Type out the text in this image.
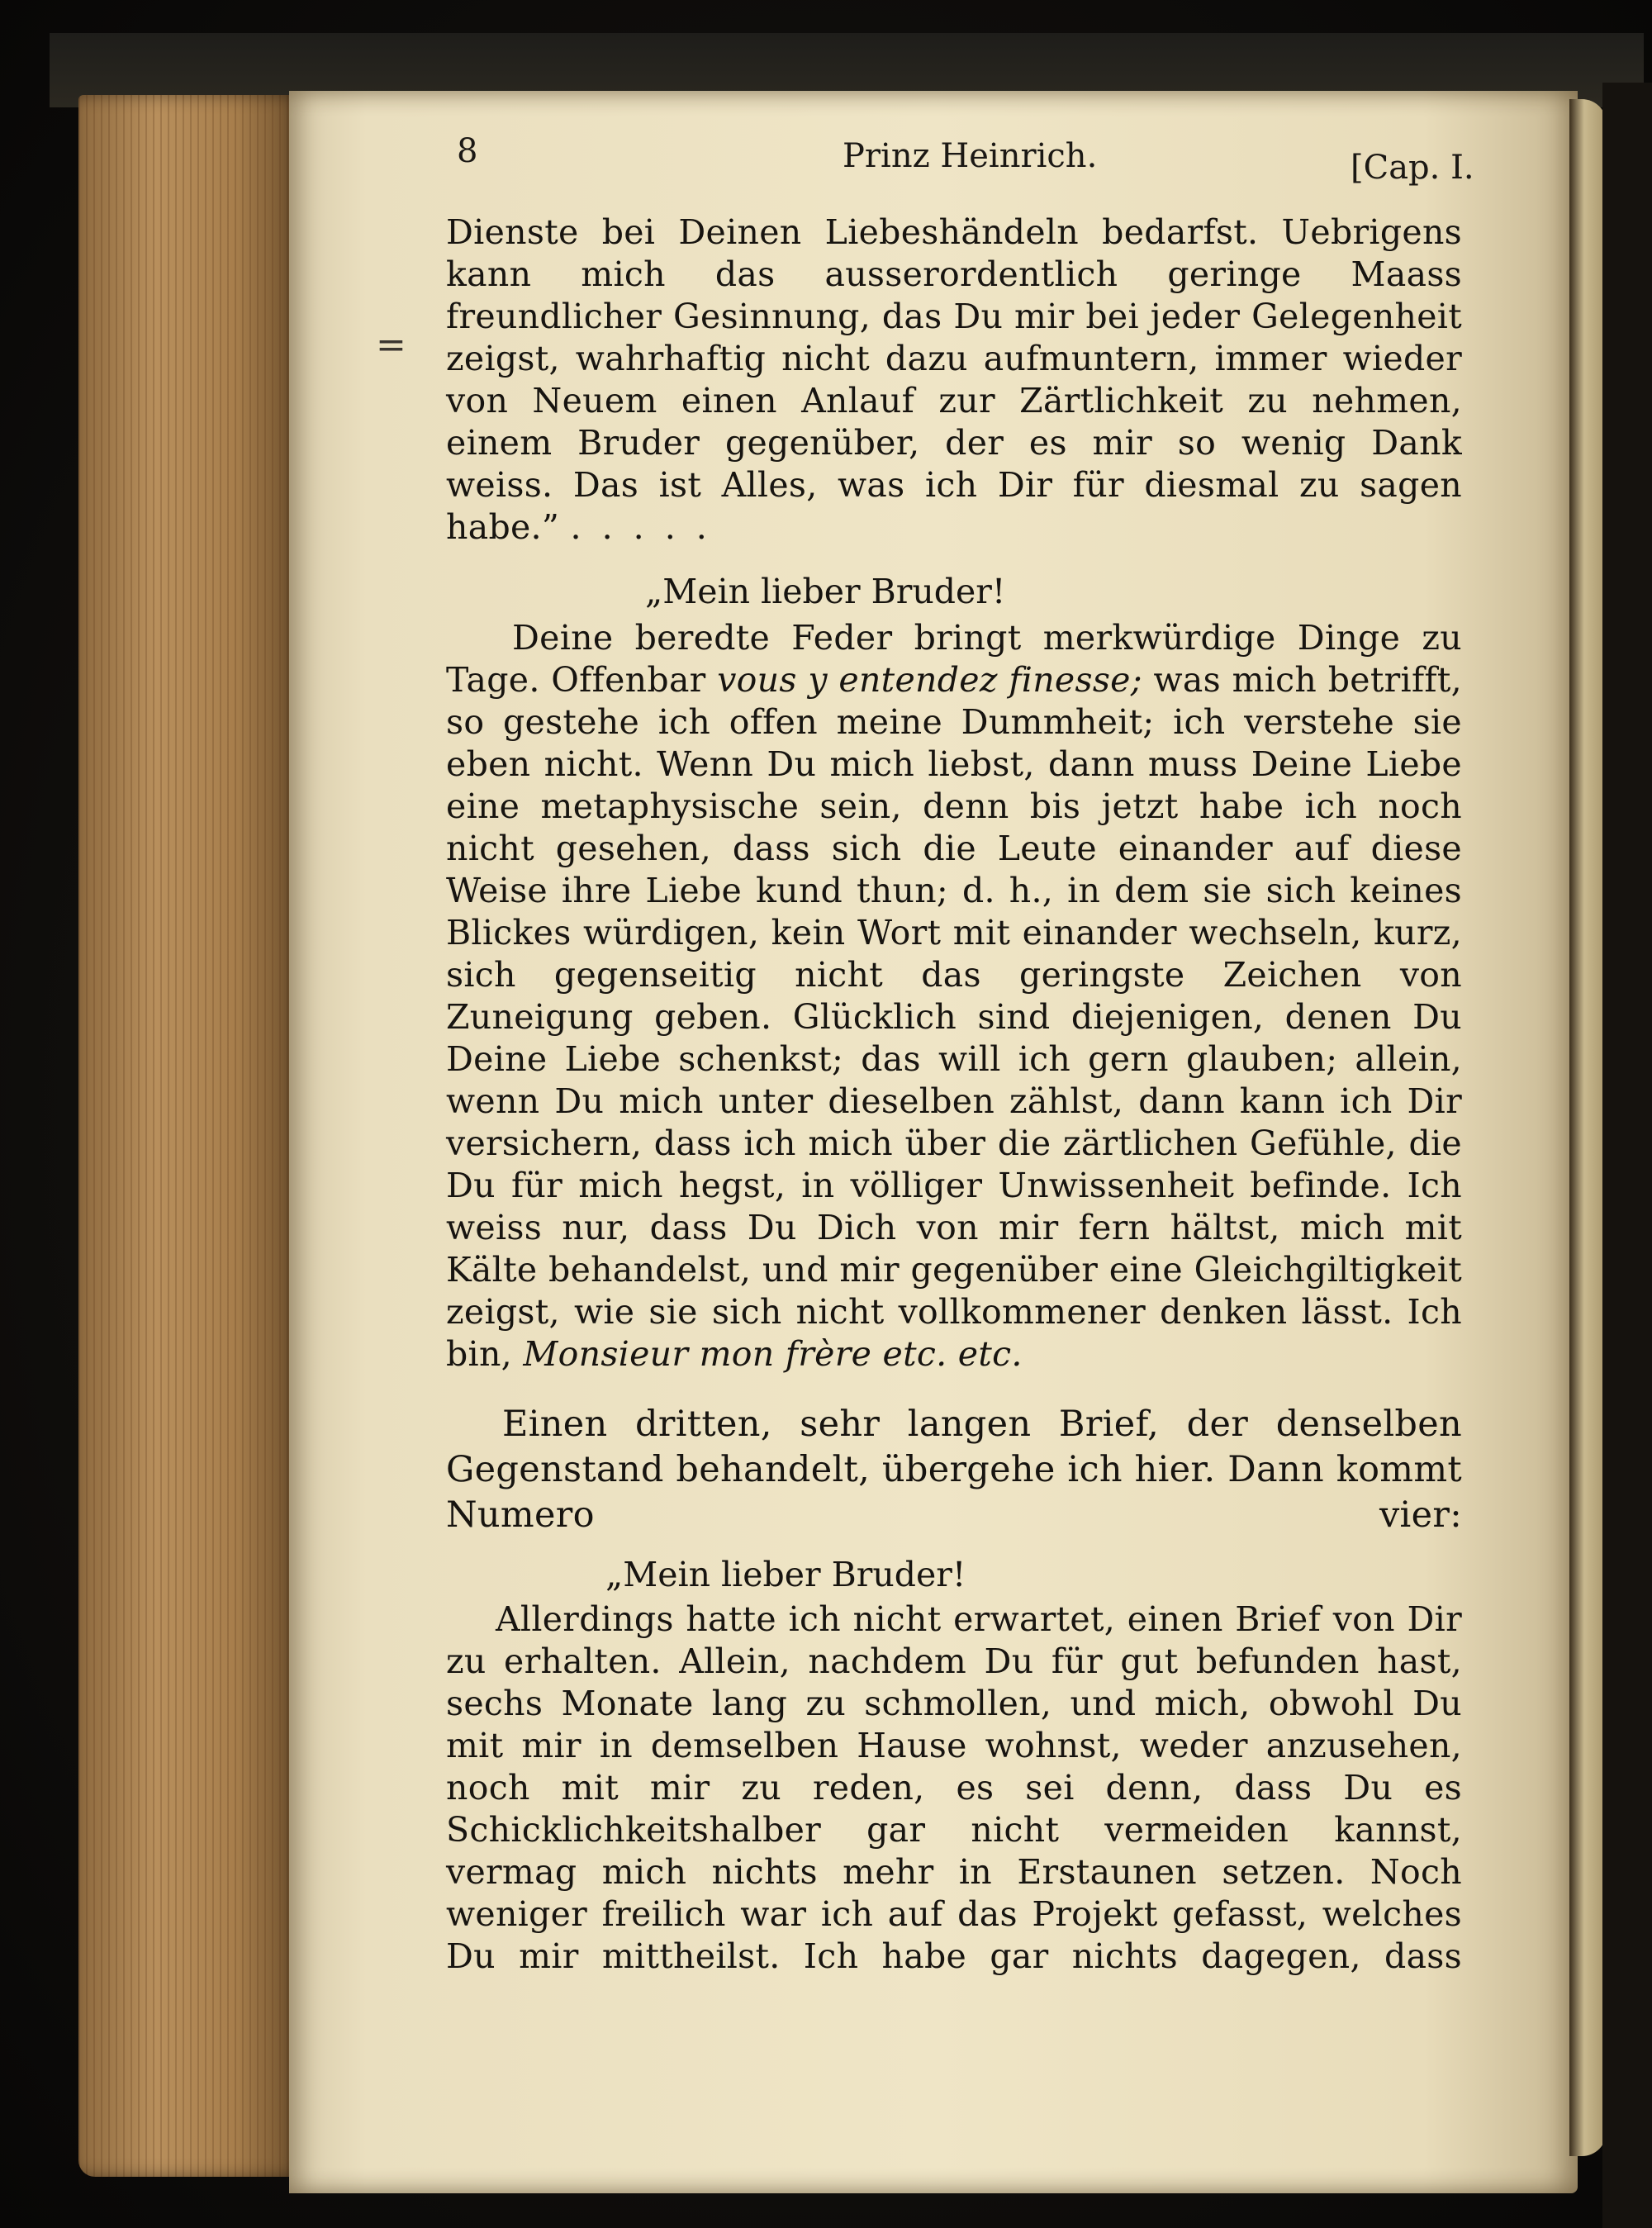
=
8	Prinz Heinrich.	[Cap. I.

Dienste bei Deinen Liebeshändeln bedarfst. Uebrigens kann mich das ausserordentlich geringe Maass freundlicher Gesinnung, das Du mir bei jeder Gelegenheit zeigst, wahrhaftig nicht dazu aufmuntern, immer wieder von Neuem einen Anlauf zur Zärtlichkeit zu nehmen, einem Bruder gegenüber, der es mir so wenig Dank weiss. Das ist Alles, was ich Dir für diesmal zu sagen habe.” . . . . .

„Mein lieber Bruder!

Deine beredte Feder bringt merkwürdige Dinge zu Tage. Offenbar vous y entendez finesse; was mich betrifft, so gestehe ich offen meine Dummheit; ich verstehe sie eben nicht. Wenn Du mich liebst, dann muss Deine Liebe eine metaphysische sein, denn bis jetzt habe ich noch nicht gesehen, dass sich die Leute einander auf diese Weise ihre Liebe kund thun; d. h., in dem sie sich keines Blickes würdigen, kein Wort mit einander wechseln, kurz, sich gegenseitig nicht das geringste Zeichen von Zuneigung geben. Glücklich sind diejenigen, denen Du Deine Liebe schenkst; das will ich gern glauben; allein, wenn Du mich unter dieselben zählst, dann kann ich Dir versichern, dass ich mich über die zärtlichen Gefühle, die Du für mich hegst, in völliger Unwissenheit befinde. Ich weiss nur, dass Du Dich von mir fern hältst, mich mit Kälte behandelst, und mir gegenüber eine Gleichgiltigkeit zeigst, wie sie sich nicht vollkommener denken lässt. Ich bin, Monsieur mon frère etc. etc.

Einen dritten, sehr langen Brief, der denselben Gegenstand behandelt, übergehe ich hier. Dann kommt Numero vier:

„Mein lieber Bruder!

Allerdings hatte ich nicht erwartet, einen Brief von Dir zu erhalten. Allein, nachdem Du für gut befunden hast, sechs Monate lang zu schmollen, und mich, obwohl Du mit mir in demselben Hause wohnst, weder anzusehen, noch mit mir zu reden, es sei denn, dass Du es Schicklichkeitshalber gar nicht vermeiden kannst, vermag mich nichts mehr in Erstaunen setzen. Noch weniger freilich war ich auf das Projekt gefasst, welches Du mir mittheilst. Ich habe gar nichts dagegen, dass
